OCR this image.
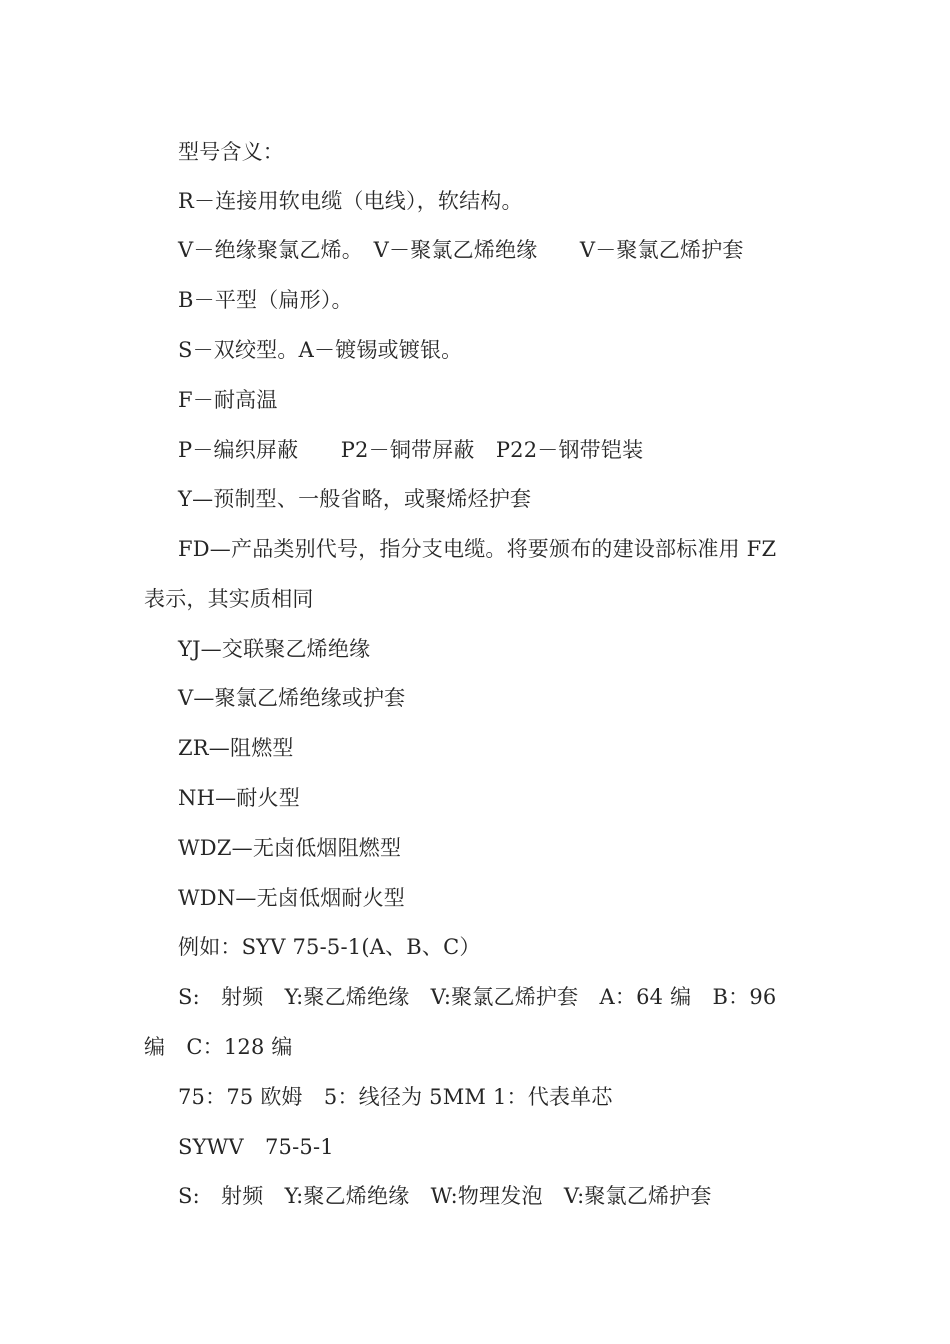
型号含义：
R－连接用软电缆（电线），软结构。
V－绝缘聚氯乙烯。　V－聚氯乙烯绝缘　　V－聚氯乙烯护套
B－平型（扁形）。
S－双绞型。A－镀锡或镀银。
F－耐高温
P－编织屏蔽　　P2－铜带屏蔽　P22－钢带铠装
Y—预制型、一般省略，或聚烯烃护套
FD—产品类别代号，指分支电缆。将要颁布的建设部标准用 FZ
表示，其实质相同
YJ—交联聚乙烯绝缘
V—聚氯乙烯绝缘或护套
ZR—阻燃型
NH—耐火型
WDZ—无卤低烟阻燃型
WDN—无卤低烟耐火型
例如：SYV 75-5-1(A、B、C）
S:　射频　Y:聚乙烯绝缘　V:聚氯乙烯护套　A：64 编　B：96
编　C：128 编
75：75 欧姆　5：线径为 5MM 1：代表单芯
SYWV　75-5-1
S:　射频　Y:聚乙烯绝缘　W:物理发泡　V:聚氯乙烯护套
